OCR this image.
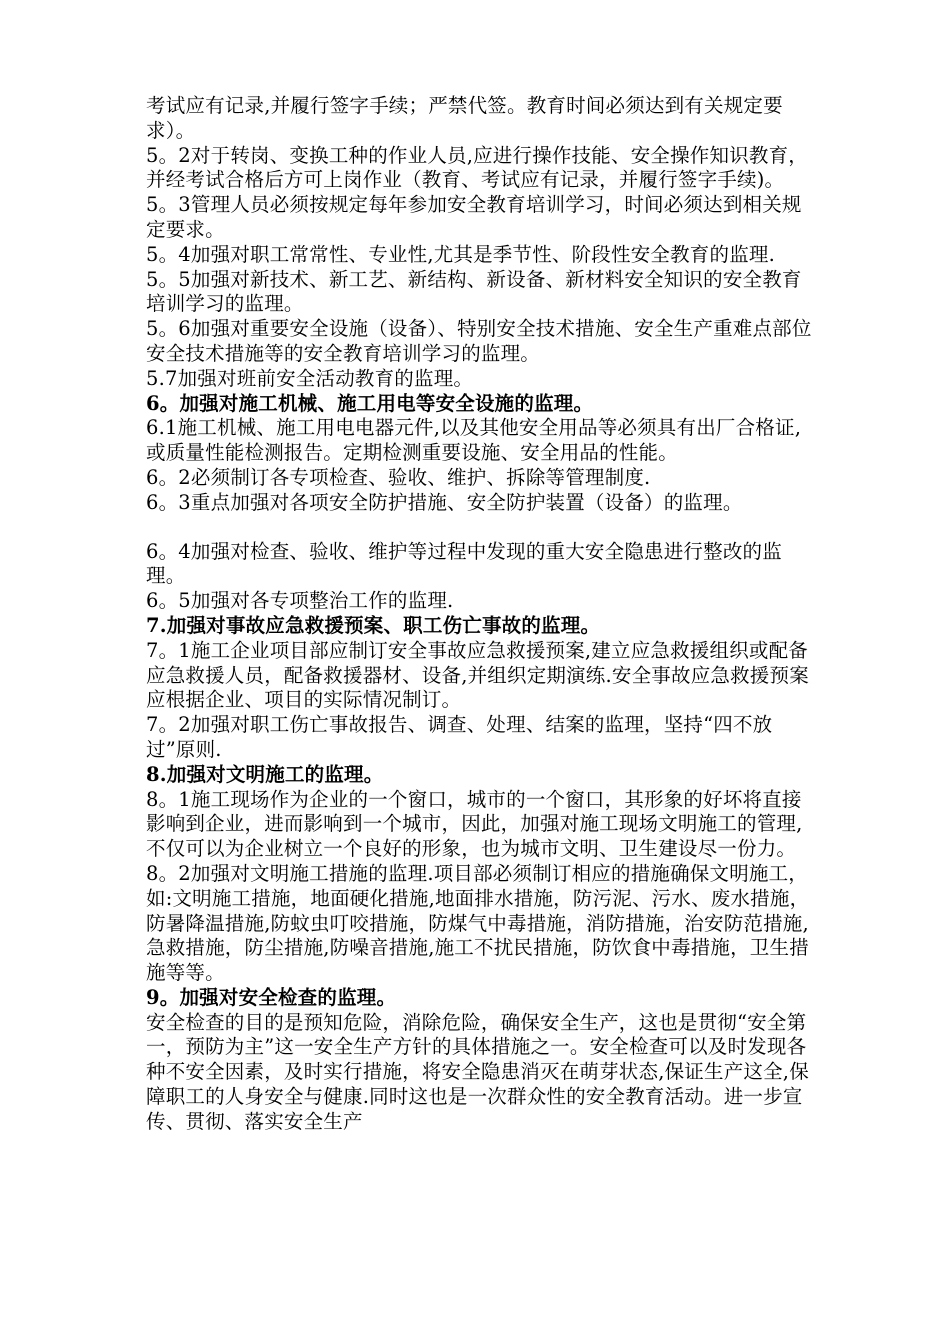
考试应有记录,并履行签字手续；严禁代签。教育时间必须达到有关规定要求）。

5。2对于转岗、变换工种的作业人员,应进行操作技能、安全操作知识教育，并经考试合格后方可上岗作业（教育、考试应有记录，并履行签字手续)。

5。3管理人员必须按规定每年参加安全教育培训学习，时间必须达到相关规定要求。

5。4加强对职工常常性、专业性,尤其是季节性、阶段性安全教育的监理.

5。5加强对新技术、新工艺、新结构、新设备、新材料安全知识的安全教育培训学习的监理。

5。6加强对重要安全设施（设备）、特别安全技术措施、安全生产重难点部位安全技术措施等的安全教育培训学习的监理。

5.7加强对班前安全活动教育的监理。

6。加强对施工机械、施工用电等安全设施的监理。

6.1施工机械、施工用电电器元件,以及其他安全用品等必须具有出厂合格证,或质量性能检测报告。定期检测重要设施、安全用品的性能。

6。2必须制订各专项检查、验收、维护、拆除等管理制度.

6。3重点加强对各项安全防护措施、安全防护装置（设备）的监理。

6。4加强对检查、验收、维护等过程中发现的重大安全隐患进行整改的监理。

6。5加强对各专项整治工作的监理.

7.加强对事故应急救援预案、职工伤亡事故的监理。

7。1施工企业项目部应制订安全事故应急救援预案,建立应急救援组织或配备应急救援人员，配备救援器材、设备,并组织定期演练.安全事故应急救援预案应根据企业、项目的实际情况制订。

7。2加强对职工伤亡事故报告、调查、处理、结案的监理，坚持“四不放过”原则.

8.加强对文明施工的监理。

8。1施工现场作为企业的一个窗口，城市的一个窗口，其形象的好坏将直接影响到企业，进而影响到一个城市，因此，加强对施工现场文明施工的管理,不仅可以为企业树立一个良好的形象，也为城市文明、卫生建设尽一份力。

8。2加强对文明施工措施的监理.项目部必须制订相应的措施确保文明施工，如:文明施工措施，地面硬化措施,地面排水措施，防污泥、污水、废水措施，防暑降温措施,防蚊虫叮咬措施，防煤气中毒措施，消防措施，治安防范措施,急救措施，防尘措施,防噪音措施,施工不扰民措施，防饮食中毒措施，卫生措施等等。

9。加强对安全检查的监理。

安全检查的目的是预知危险，消除危险，确保安全生产，这也是贯彻“安全第一，预防为主”这一安全生产方针的具体措施之一。安全检查可以及时发现各种不安全因素，及时实行措施，将安全隐患消灭在萌芽状态,保证生产这全,保障职工的人身安全与健康.同时这也是一次群众性的安全教育活动。进一步宣传、贯彻、落实安全生产
